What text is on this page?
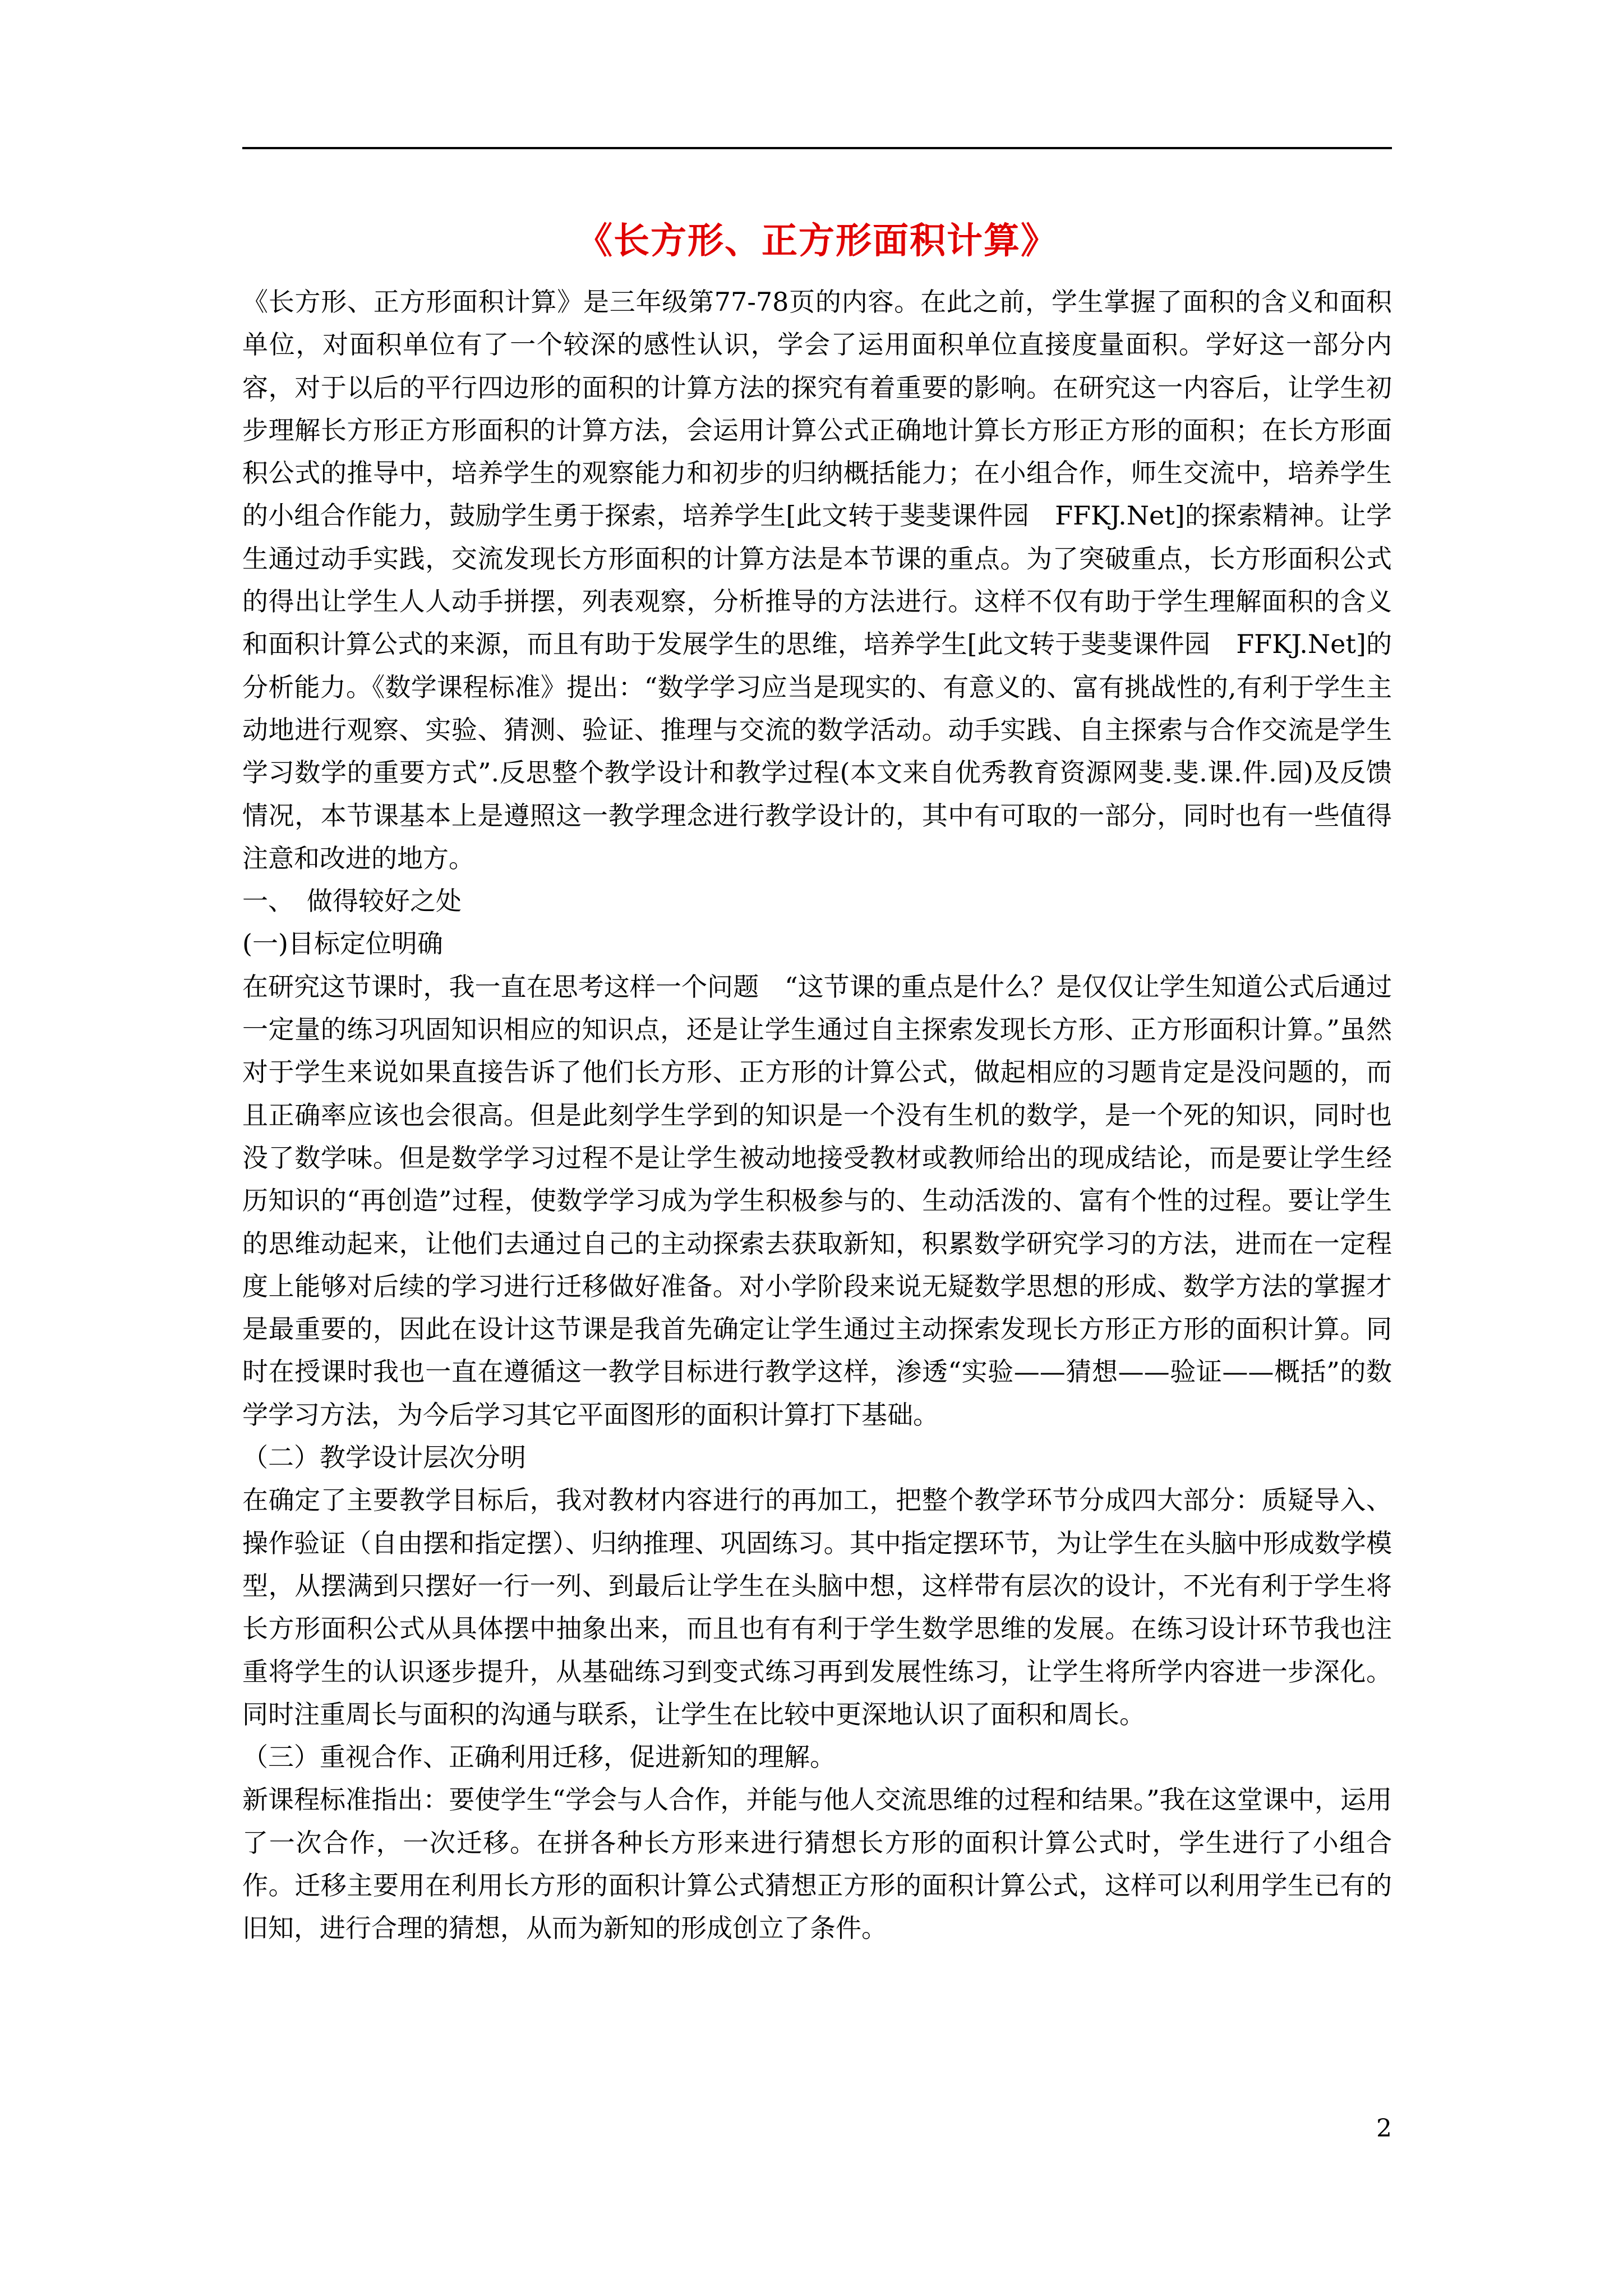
《长方形、正方形面积计算》

《长方形、正方形面积计算》是三年级第77-78页的内容。在此之前，学生掌握了面积的含义和面积单位，对面积单位有了一个较深的感性认识，学会了运用面积单位直接度量面积。学好这一部分内容，对于以后的平行四边形的面积的计算方法的探究有着重要的影响。在研究这一内容后，让学生初步理解长方形正方形面积的计算方法，会运用计算公式正确地计算长方形正方形的面积；在长方形面积公式的推导中，培养学生的观察能力和初步的归纳概括能力；在小组合作，师生交流中，培养学生的小组合作能力，鼓励学生勇于探索，培养学生[此文转于斐斐课件园　FFKJ.Net]的探索精神。让学生通过动手实践，交流发现长方形面积的计算方法是本节课的重点。为了突破重点，长方形面积公式的得出让学生人人动手拼摆，列表观察，分析推导的方法进行。这样不仅有助于学生理解面积的含义和面积计算公式的来源，而且有助于发展学生的思维，培养学生[此文转于斐斐课件园　FFKJ.Net]的分析能力。《数学课程标准》提出：“数学学习应当是现实的、有意义的、富有挑战性的,有利于学生主动地进行观察、实验、猜测、验证、推理与交流的数学活动。动手实践、自主探索与合作交流是学生学习数学的重要方式”.反思整个教学设计和教学过程(本文来自优秀教育资源网斐.斐.课.件.园)及反馈情况，本节课基本上是遵照这一教学理念进行教学设计的，其中有可取的一部分，同时也有一些值得注意和改进的地方。

一、　做得较好之处

(一)目标定位明确

在研究这节课时，我一直在思考这样一个问题　“这节课的重点是什么？是仅仅让学生知道公式后通过一定量的练习巩固知识相应的知识点，还是让学生通过自主探索发现长方形、正方形面积计算。”虽然对于学生来说如果直接告诉了他们长方形、正方形的计算公式，做起相应的习题肯定是没问题的，而且正确率应该也会很高。但是此刻学生学到的知识是一个没有生机的数学，是一个死的知识，同时也没了数学味。但是数学学习过程不是让学生被动地接受教材或教师给出的现成结论，而是要让学生经历知识的“再创造”过程，使数学学习成为学生积极参与的、生动活泼的、富有个性的过程。要让学生的思维动起来，让他们去通过自己的主动探索去获取新知，积累数学研究学习的方法，进而在一定程度上能够对后续的学习进行迁移做好准备。对小学阶段来说无疑数学思想的形成、数学方法的掌握才是最重要的，因此在设计这节课是我首先确定让学生通过主动探索发现长方形正方形的面积计算。同时在授课时我也一直在遵循这一教学目标进行教学这样，渗透“实验——猜想——验证——概括”的数学学习方法，为今后学习其它平面图形的面积计算打下基础。

（二）教学设计层次分明

在确定了主要教学目标后，我对教材内容进行的再加工，把整个教学环节分成四大部分：质疑导入、操作验证（自由摆和指定摆）、归纳推理、巩固练习。其中指定摆环节，为让学生在头脑中形成数学模型，从摆满到只摆好一行一列、到最后让学生在头脑中想，这样带有层次的设计，不光有利于学生将长方形面积公式从具体摆中抽象出来，而且也有有利于学生数学思维的发展。在练习设计环节我也注重将学生的认识逐步提升，从基础练习到变式练习再到发展性练习，让学生将所学内容进一步深化。同时注重周长与面积的沟通与联系，让学生在比较中更深地认识了面积和周长。

（三）重视合作、正确利用迁移，促进新知的理解。

新课程标准指出：要使学生“学会与人合作，并能与他人交流思维的过程和结果。”我在这堂课中，运用了一次合作，一次迁移。在拼各种长方形来进行猜想长方形的面积计算公式时，学生进行了小组合作。迁移主要用在利用长方形的面积计算公式猜想正方形的面积计算公式，这样可以利用学生已有的旧知，进行合理的猜想，从而为新知的形成创立了条件。

2
